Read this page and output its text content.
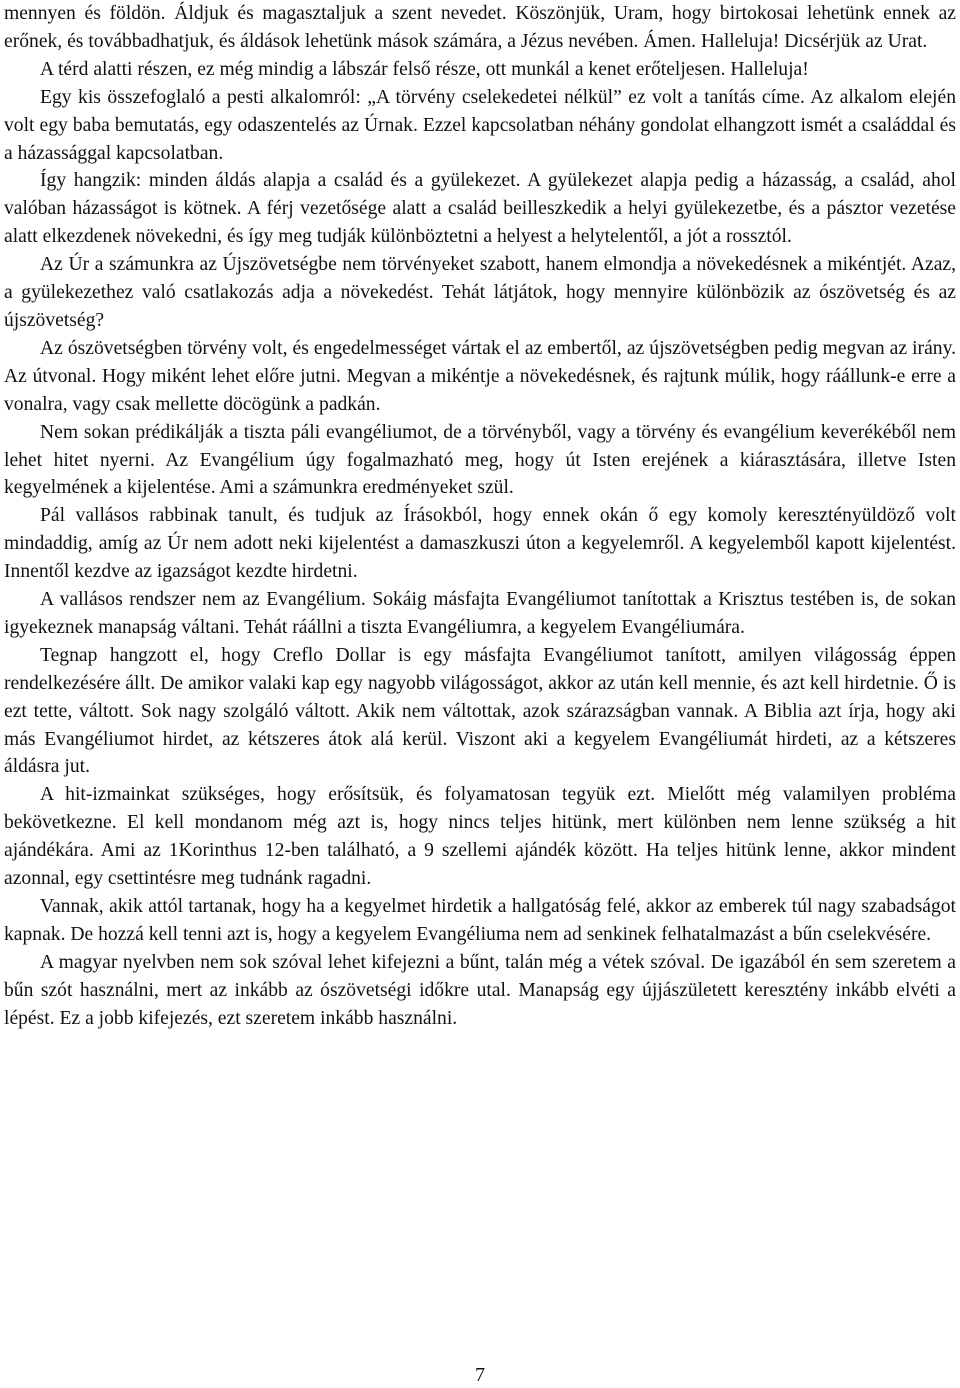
mennyen és földön. Áldjuk és magasztaljuk a szent nevedet. Köszönjük, Uram, hogy birtokosai lehetünk ennek az erőnek, és továbbadhatjuk, és áldások lehetünk mások számára, a Jézus nevében. Ámen. Halleluja! Dicsérjük az Urat.

A térd alatti részen, ez még mindig a lábszár felső része, ott munkál a kenet erőteljesen. Halleluja!

Egy kis összefoglaló a pesti alkalomról: „A törvény cselekedetei nélkül” ez volt a tanítás címe. Az alkalom elején volt egy baba bemutatás, egy odaszentelés az Úrnak. Ezzel kapcsolatban néhány gondolat elhangzott ismét a családdal és a házassággal kapcsolatban.

Így hangzik: minden áldás alapja a család és a gyülekezet. A gyülekezet alapja pedig a házasság, a család, ahol valóban házasságot is kötnek. A férj vezetősége alatt a család beilleszkedik a helyi gyülekezetbe, és a pásztor vezetése alatt elkezdenek növekedni, és így meg tudják különböztetni a helyest a helytelentől, a jót a rossztól.

Az Úr a számunkra az Újszövetségbe nem törvényeket szabott, hanem elmondja a növekedésnek a mikéntjét. Azaz, a gyülekezethez való csatlakozás adja a növekedést. Tehát látjátok, hogy mennyire különbözik az ószövetség és az újszövetség?

Az ószövetségben törvény volt, és engedelmességet vártak el az embertől, az újszövetségben pedig megvan az irány. Az útvonal. Hogy miként lehet előre jutni. Megvan a mikéntje a növekedésnek, és rajtunk múlik, hogy ráállunk-e erre a vonalra, vagy csak mellette döcögünk a padkán.

Nem sokan prédikálják a tiszta páli evangéliumot, de a törvényből, vagy a törvény és evangélium keverékéből nem lehet hitet nyerni. Az Evangélium úgy fogalmazható meg, hogy út Isten erejének a kiárasztására, illetve Isten kegyelmének a kijelentése. Ami a számunkra eredményeket szül.

Pál vallásos rabbinak tanult, és tudjuk az Írásokból, hogy ennek okán ő egy komoly keresztényüldöző volt mindaddig, amíg az Úr nem adott neki kijelentést a damaszkuszi úton a kegyelemről. A kegyelemből kapott kijelentést. Innentől kezdve az igazságot kezdte hirdetni.

A vallásos rendszer nem az Evangélium. Sokáig másfajta Evangéliumot tanítottak a Krisztus testében is, de sokan igyekeznek manapság váltani. Tehát ráállni a tiszta Evangéliumra, a kegyelem Evangéliumára.

Tegnap hangzott el, hogy Creflo Dollar is egy másfajta Evangéliumot tanított, amilyen világosság éppen rendelkezésére állt. De amikor valaki kap egy nagyobb világosságot, akkor az után kell mennie, és azt kell hirdetnie. Ő is ezt tette, váltott. Sok nagy szolgáló váltott. Akik nem váltottak, azok szárazságban vannak. A Biblia azt írja, hogy aki más Evangéliumot hirdet, az kétszeres átok alá kerül. Viszont aki a kegyelem Evangéliumát hirdeti, az a kétszeres áldásra jut.

A hit-izmainkat szükséges, hogy erősítsük, és folyamatosan tegyük ezt. Mielőtt még valamilyen probléma bekövetkezne. El kell mondanom még azt is, hogy nincs teljes hitünk, mert különben nem lenne szükség a hit ajándékára. Ami az 1Korinthus 12-ben található, a 9 szellemi ajándék között. Ha teljes hitünk lenne, akkor mindent azonnal, egy csettintésre meg tudnánk ragadni.

Vannak, akik attól tartanak, hogy ha a kegyelmet hirdetik a hallgatóság felé, akkor az emberek túl nagy szabadságot kapnak. De hozzá kell tenni azt is, hogy a kegyelem Evangéliuma nem ad senkinek felhatalmazást a bűn cselekvésére.

A magyar nyelvben nem sok szóval lehet kifejezni a bűnt, talán még a vétek szóval. De igazából én sem szeretem a bűn szót használni, mert az inkább az ószövetségi időkre utal. Manapság egy újjászületett keresztény inkább elvéti a lépést. Ez a jobb kifejezés, ezt szeretem inkább használni.

7
